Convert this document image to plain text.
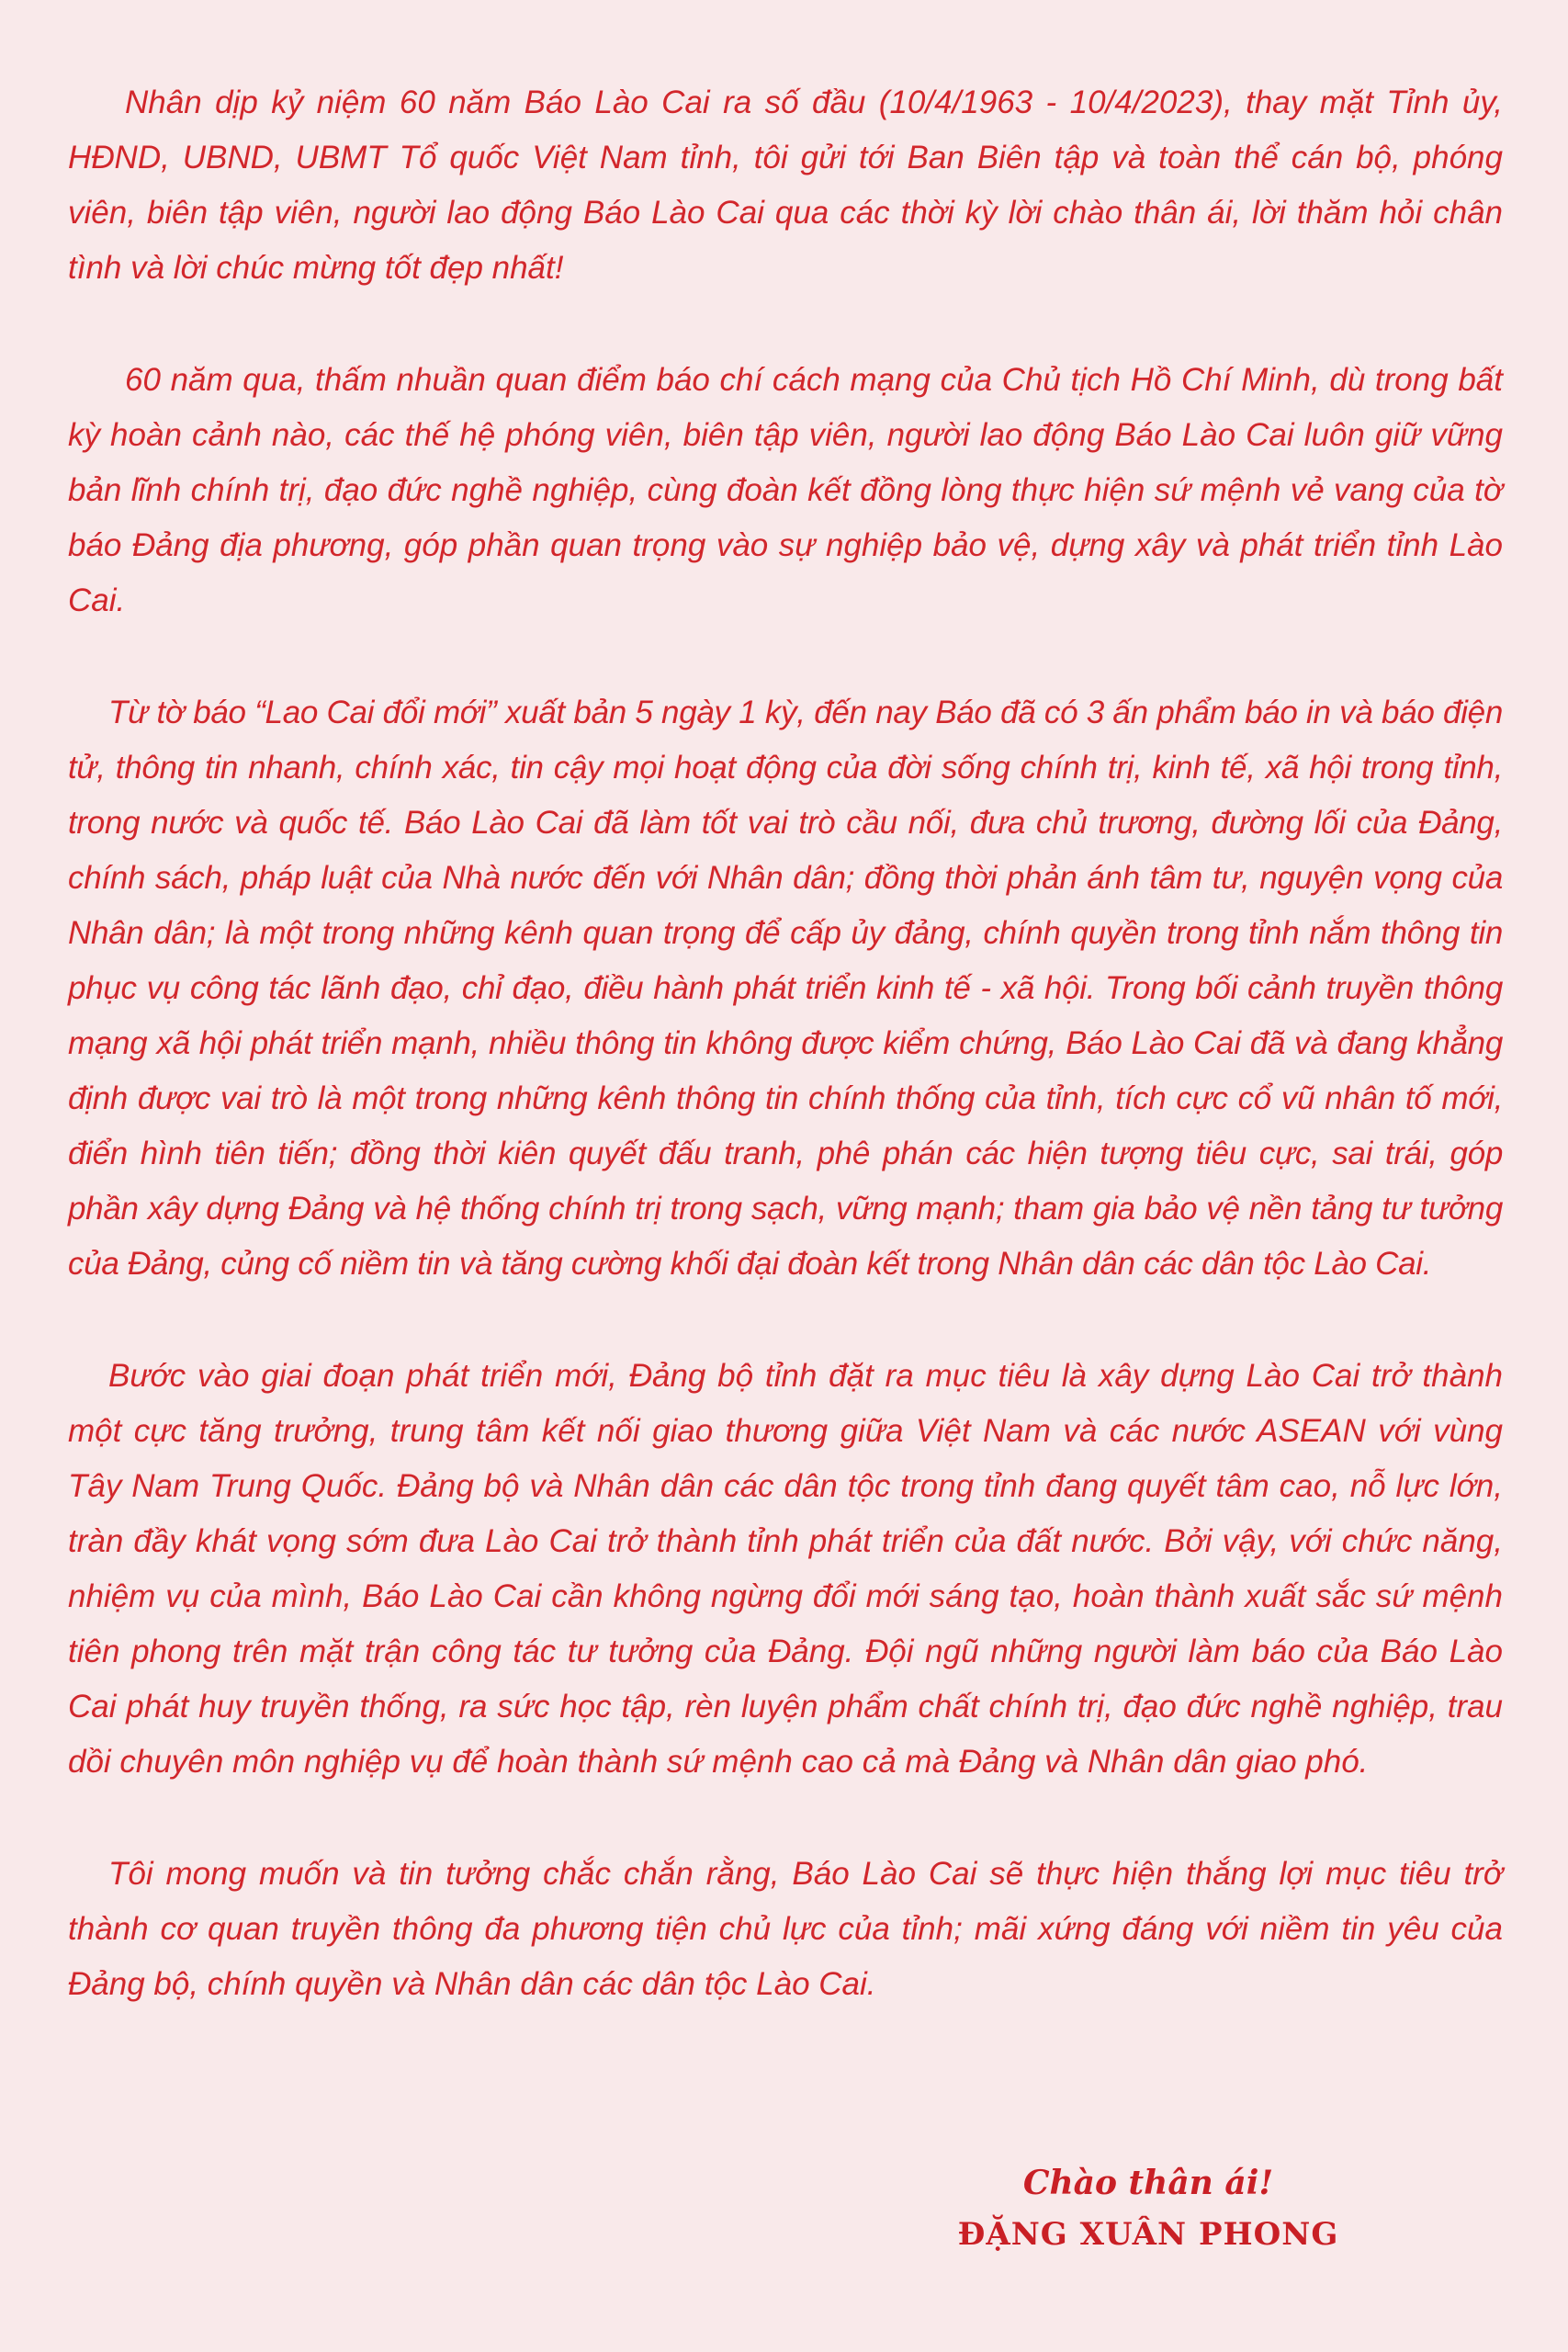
Nhân dịp kỷ niệm 60 năm Báo Lào Cai ra số đầu (10/4/1963 - 10/4/2023), thay mặt Tỉnh ủy, HĐND, UBND, UBMT Tổ quốc Việt Nam tỉnh, tôi gửi tới Ban Biên tập và toàn thể cán bộ, phóng viên, biên tập viên, người lao động Báo Lào Cai qua các thời kỳ lời chào thân ái, lời thăm hỏi chân tình và lời chúc mừng tốt đẹp nhất!

60 năm qua, thấm nhuần quan điểm báo chí cách mạng của Chủ tịch Hồ Chí Minh, dù trong bất kỳ hoàn cảnh nào, các thế hệ phóng viên, biên tập viên, người lao động Báo Lào Cai luôn giữ vững bản lĩnh chính trị, đạo đức nghề nghiệp, cùng đoàn kết đồng lòng thực hiện sứ mệnh vẻ vang của tờ báo Đảng địa phương, góp phần quan trọng vào sự nghiệp bảo vệ, dựng xây và phát triển tỉnh Lào Cai.

Từ tờ báo “Lao Cai đổi mới” xuất bản 5 ngày 1 kỳ, đến nay Báo đã có 3 ấn phẩm báo in và báo điện tử, thông tin nhanh, chính xác, tin cậy mọi hoạt động của đời sống chính trị, kinh tế, xã hội trong tỉnh, trong nước và quốc tế. Báo Lào Cai đã làm tốt vai trò cầu nối, đưa chủ trương, đường lối của Đảng, chính sách, pháp luật của Nhà nước đến với Nhân dân; đồng thời phản ánh tâm tư, nguyện vọng của Nhân dân; là một trong những kênh quan trọng để cấp ủy đảng, chính quyền trong tỉnh nắm thông tin phục vụ công tác lãnh đạo, chỉ đạo, điều hành phát triển kinh tế - xã hội. Trong bối cảnh truyền thông mạng xã hội phát triển mạnh, nhiều thông tin không được kiểm chứng, Báo Lào Cai đã và đang khẳng định được vai trò là một trong những kênh thông tin chính thống của tỉnh, tích cực cổ vũ nhân tố mới, điển hình tiên tiến; đồng thời kiên quyết đấu tranh, phê phán các hiện tượng tiêu cực, sai trái, góp phần xây dựng Đảng và hệ thống chính trị trong sạch, vững mạnh; tham gia bảo vệ nền tảng tư tưởng của Đảng, củng cố niềm tin và tăng cường khối đại đoàn kết trong Nhân dân các dân tộc Lào Cai.

Bước vào giai đoạn phát triển mới, Đảng bộ tỉnh đặt ra mục tiêu là xây dựng Lào Cai trở thành một cực tăng trưởng, trung tâm kết nối giao thương giữa Việt Nam và các nước ASEAN với vùng Tây Nam Trung Quốc. Đảng bộ và Nhân dân các dân tộc trong tỉnh đang quyết tâm cao, nỗ lực lớn, tràn đầy khát vọng sớm đưa Lào Cai trở thành tỉnh phát triển của đất nước. Bởi vậy, với chức năng, nhiệm vụ của mình, Báo Lào Cai cần không ngừng đổi mới sáng tạo, hoàn thành xuất sắc sứ mệnh tiên phong trên mặt trận công tác tư tưởng của Đảng. Đội ngũ những người làm báo của Báo Lào Cai phát huy truyền thống, ra sức học tập, rèn luyện phẩm chất chính trị, đạo đức nghề nghiệp, trau dồi chuyên môn nghiệp vụ để hoàn thành sứ mệnh cao cả mà Đảng và Nhân dân giao phó.

Tôi mong muốn và tin tưởng chắc chắn rằng, Báo Lào Cai sẽ thực hiện thắng lợi mục tiêu trở thành cơ quan truyền thông đa phương tiện chủ lực của tỉnh; mãi xứng đáng với niềm tin yêu của Đảng bộ, chính quyền và Nhân dân các dân tộc Lào Cai.

Chào thân ái!
ĐẶNG XUÂN PHONG
